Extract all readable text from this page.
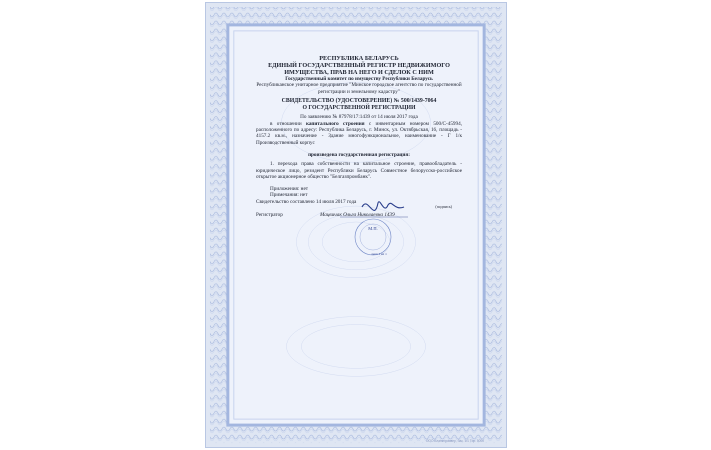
РЕСПУБЛИКА БЕЛАРУСЬ
ЕДИНЫЙ ГОСУДАРСТВЕННЫЙ РЕГИСТР НЕДВИЖИМОГО ИМУЩЕСТВА, ПРАВ НА НЕГО И СДЕЛОК С НИМ
Государственный комитет по имуществу Республики Беларусь
Республиканское унитарное предприятие "Минское городское агентство по государственной регистрации и земельному кадастру"
СВИДЕТЕЛЬСТВО (УДОСТОВЕРЕНИЕ) № 500/1439-7064
О ГОСУДАРСТВЕННОЙ РЕГИСТРАЦИИ
По заявлению № 87978/17:1439 от 14 июля 2017 года
в отношении капитального строения с инвентарным номером 500/С-45994, расположенного по адресу: Республика Беларусь, г. Минск, ул. Октябрьская, 16, площадь - 4157.2 кв.м., назначение - Здание многофункциональное, наименование - Г 1/к Производственный корпус
произведена государственная регистрация:
1. перехода права собственности на капитальное строение, правообладатель - юридическое лицо, резидент Республики Беларусь Совместное белорусско-российское открытое акционерное общество "Белгазпромбанк".
Приложения: нет
Примечания: нет
Свидетельство составлено 14 июля 2017 года
Регистратор	Мацвичак Ольга Николаевна 1439
(подпись)
М.П.
лист 1 из 1
ООО Бланкпромвер, Зак. 1/1 Тир. 5000
